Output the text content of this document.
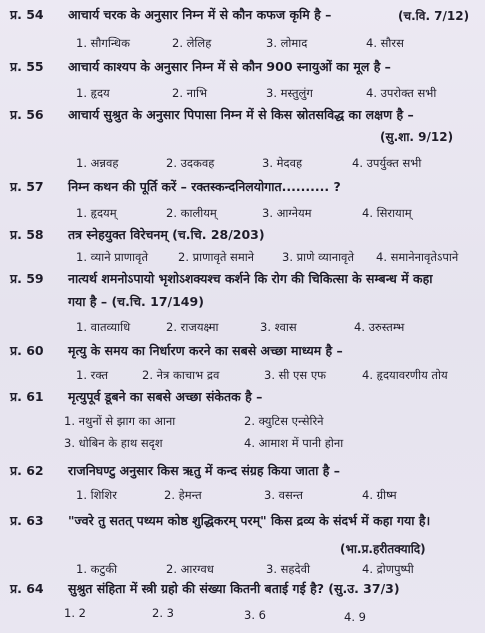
प्र. 54	आचार्य चरक के अनुसार निम्न में से कौन कफज कृमि है –	(च.वि. 7/12)
1. सौगन्धिक	2. लेलिह	3. लोमाद	4. सौरस
प्र. 55	आचार्य काश्यप के अनुसार निम्न में से कौन 900 स्नायुओं का मूल है –
1. हृदय	2. नाभि	3. मस्तुलुंग	4. उपरोक्त सभी
प्र. 56	आचार्य सुश्रुत के अनुसार पिपासा निम्न में से किस स्रोतसविद्ध का लक्षण है –
(सु.शा. 9/12)
1. अन्नवह	2. उदकवह	3. मेदवह	4. उपर्युक्त सभी
प्र. 57	निम्न कथन की पूर्ति करें – रक्तस्कन्दनिलयोगात.......... ?
1. हृदयम्	2. कालीयम्	3. आग्नेयम	4. सिरायाम्
प्र. 58	तत्र स्नेहयुक्त विरेचनम् (च.चि. 28/203)
1. व्याने प्राणावृते	2. प्राणावृते समाने 3. प्राणे व्यानावृते 4. समानेनावृतेऽपाने
प्र. 59	नात्यर्थ शमनोऽपायो भृशोऽशक्यश्च कर्शने कि रोग की चिकित्सा के सम्बन्ध में कहा
गया है – (च.चि. 17/149)
1. वातव्याधि	2. राजयक्ष्मा	3. श्वास	4. उरुस्तम्भ
प्र. 60	मृत्यु के समय का निर्धारण करने का सबसे अच्छा माध्यम है –
1. रक्त	2. नेत्र काचाभ द्रव	3. सी एस एफ	4. हृदयावरणीय तोय
प्र. 61	मृत्युपूर्व डूबने का सबसे अच्छा संकेतक है –
1. नथुनों से झाग का आना	2. क्युटिस एन्सेरिने
3. धोबिन के हाथ सदृश	4. आमाश में पानी होना
प्र. 62	राजनिघण्टु अनुसार किस ऋतु में कन्द संग्रह किया जाता है –
1. शिशिर	2. हेमन्त	3. वसन्त	4. ग्रीष्म
प्र. 63	"ज्वरे तु सतत् पथ्यम कोष्ठ शुद्धिकरम् परम्" किस द्रव्य के संदर्भ में कहा गया है।
(भा.प्र.हरीतक्यादि)
1. कटुकी	2. आरग्वध	3. सहदेवी	4. द्रोणपुष्पी
प्र. 64	सुश्रुत संहिता में स्त्री ग्रहो की संख्या कितनी बताई गई है? (सु.उ. 37/3)
1. 2	2. 3	3. 6	4. 9
